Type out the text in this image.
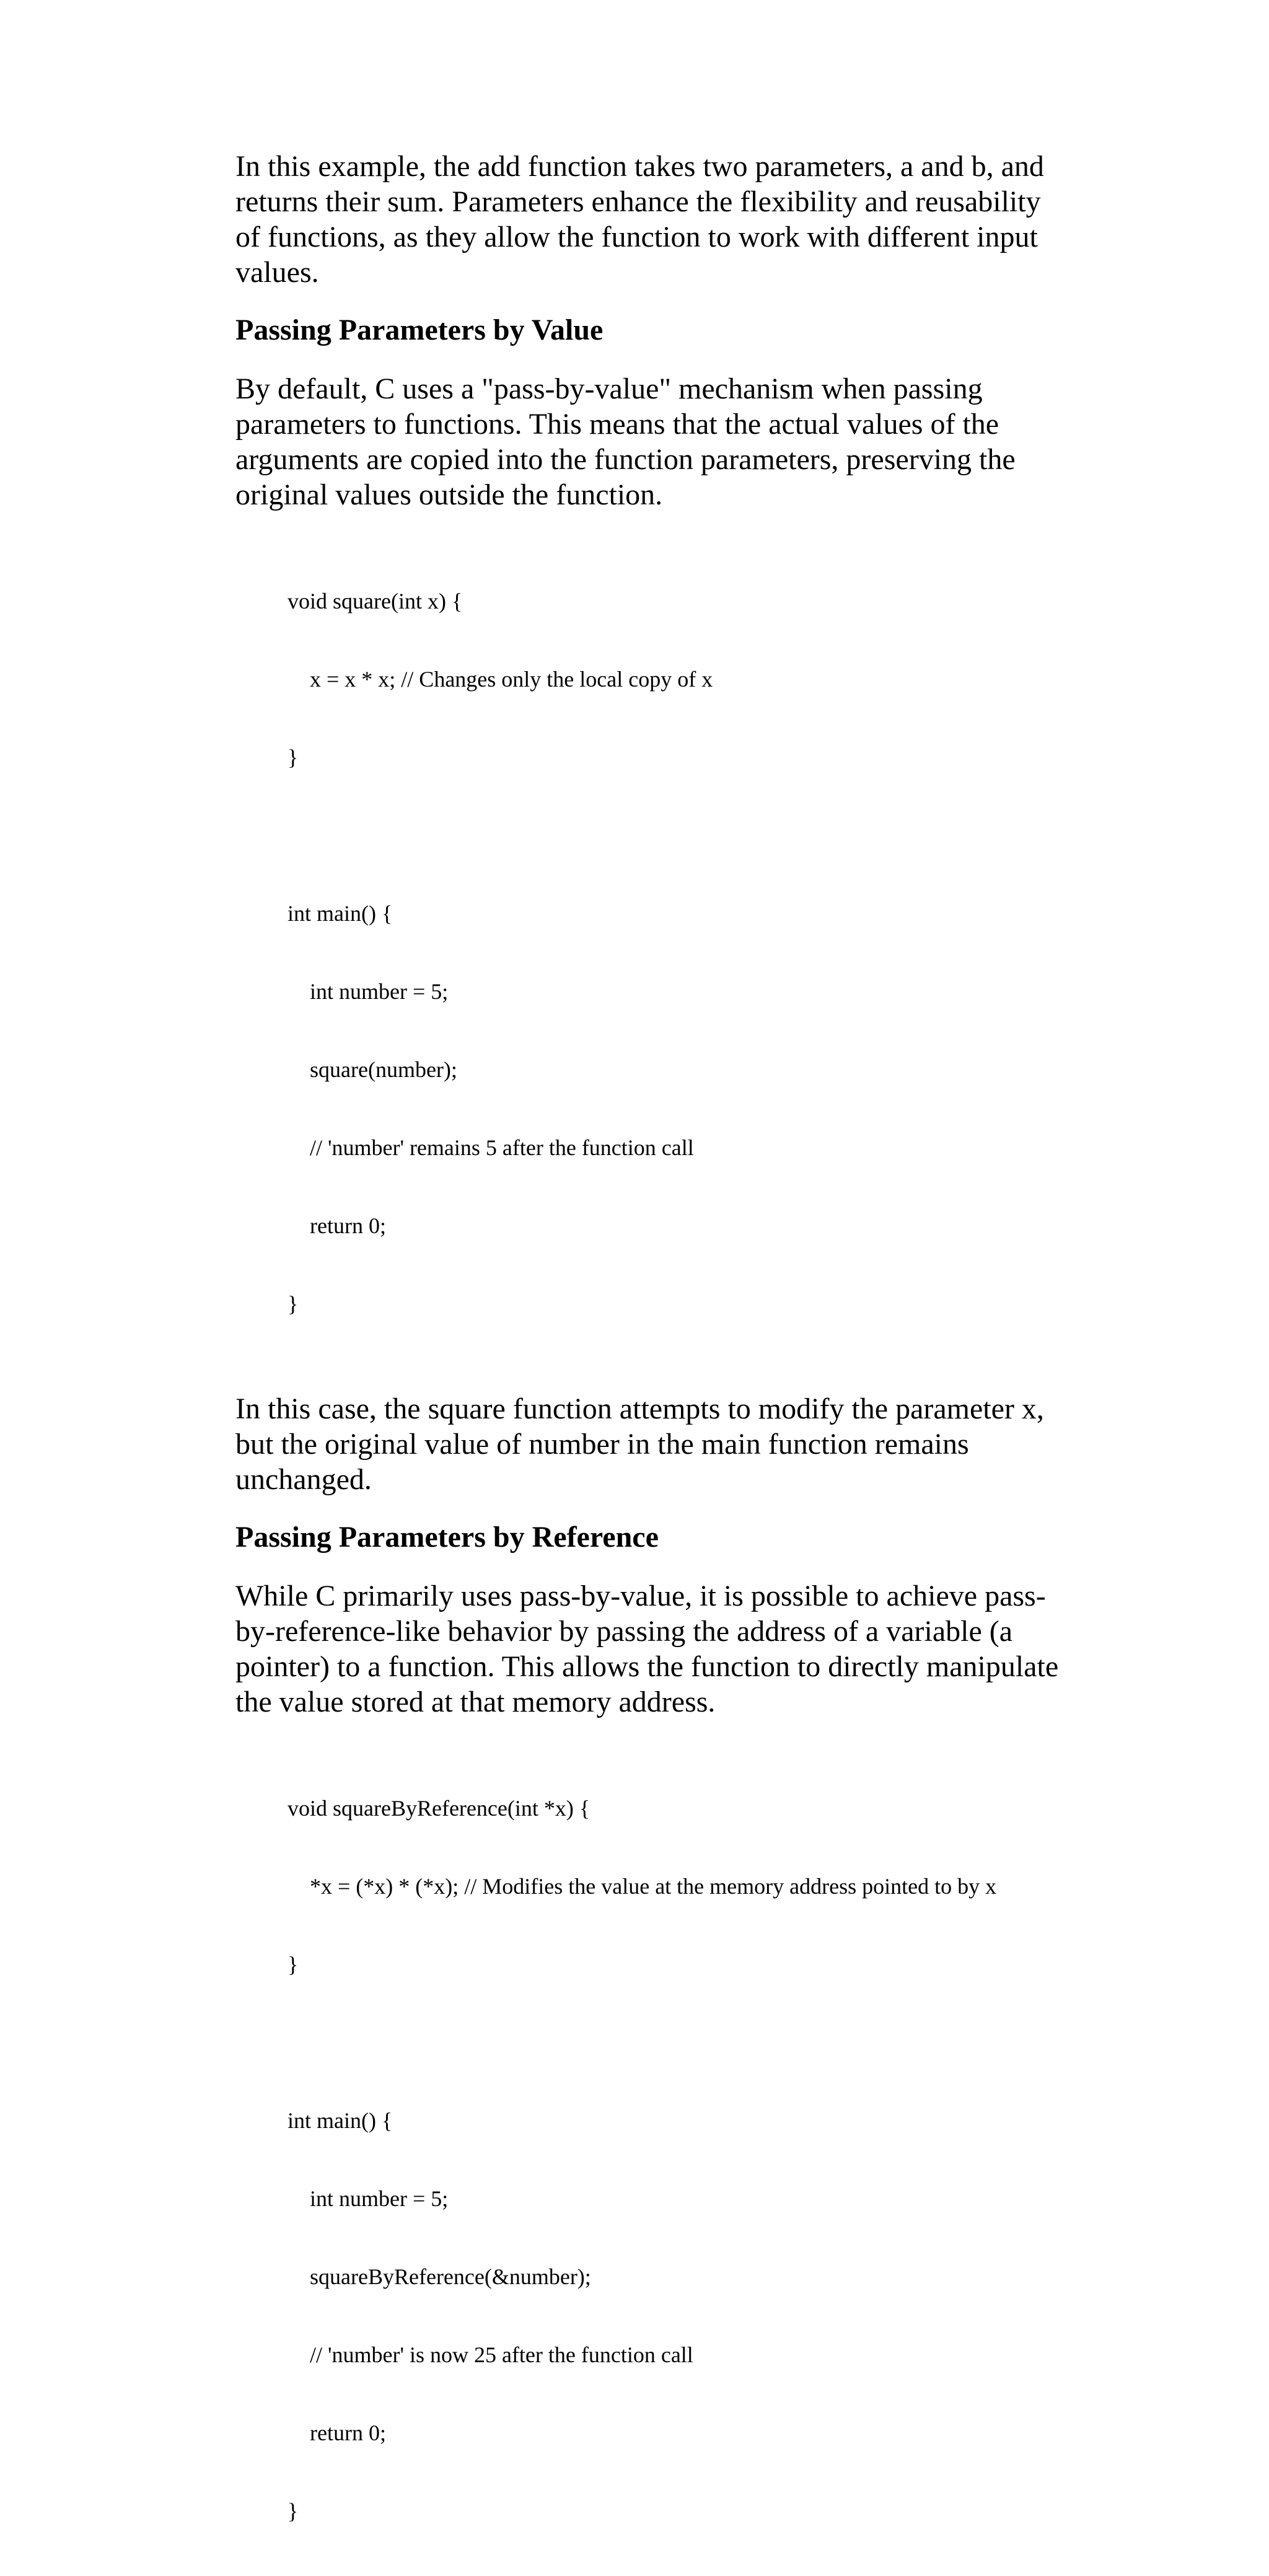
In this example, the add function takes two parameters, a and b, and
returns their sum. Parameters enhance the flexibility and reusability
of functions, as they allow the function to work with different input
values.

Passing Parameters by Value

By default, C uses a "pass-by-value" mechanism when passing
parameters to functions. This means that the actual values of the
arguments are copied into the function parameters, preserving the
original values outside the function.

void square(int x) {

x = x * x; // Changes only the local copy of x

}

int main() {

int number = 5;

square(number);

// 'number' remains 5 after the function call

return 0;

}

In this case, the square function attempts to modify the parameter x,
but the original value of number in the main function remains
unchanged.

Passing Parameters by Reference

While C primarily uses pass-by-value, it is possible to achieve pass-
by-reference-like behavior by passing the address of a variable (a
pointer) to a function. This allows the function to directly manipulate
the value stored at that memory address.

void squareByReference(int *x) {

*x = (*x) * (*x); // Modifies the value at the memory address pointed to by x

}

int main() {

int number = 5;

squareByReference(&number);

// 'number' is now 25 after the function call

return 0;

}
